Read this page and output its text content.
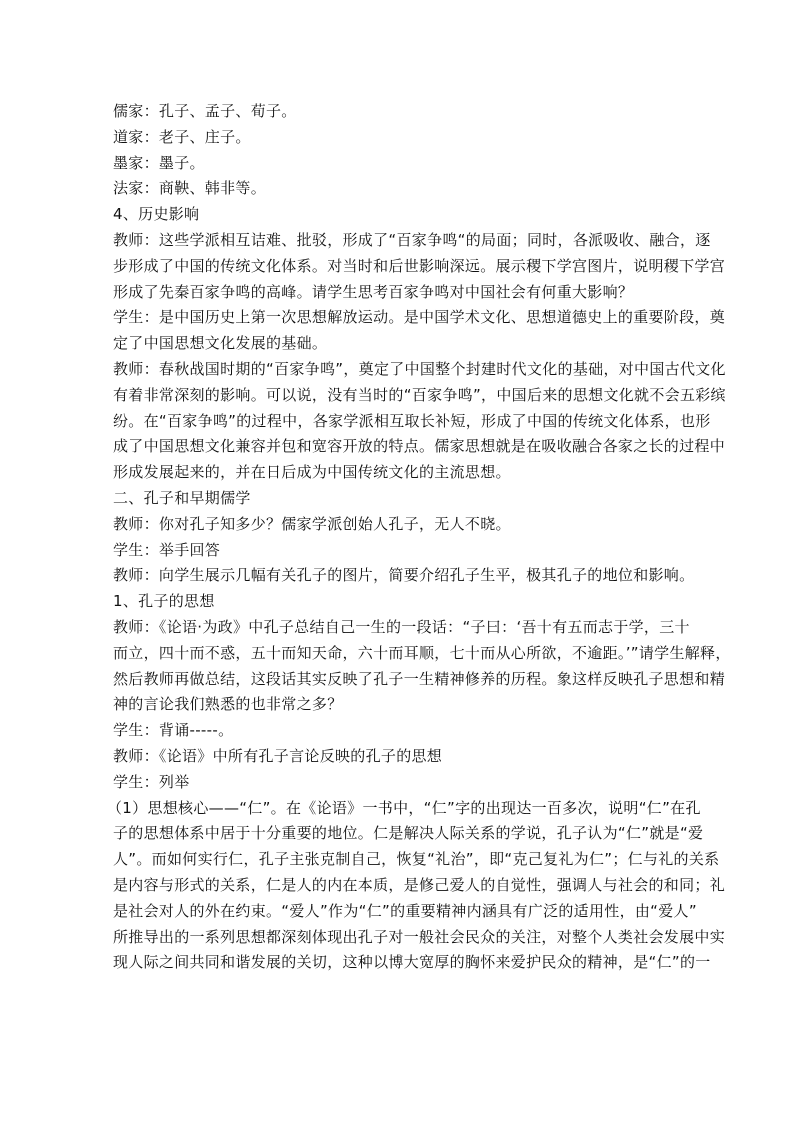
儒家：孔子、孟子、荀子。
道家：老子、庄子。
墨家：墨子。
法家：商鞅、韩非等。
4、历史影响
教师：这些学派相互诘难、批驳，形成了“百家争鸣“的局面；同时，各派吸收、融合，逐
步形成了中国的传统文化体系。对当时和后世影响深远。展示稷下学宫图片，说明稷下学宫
形成了先秦百家争鸣的高峰。请学生思考百家争鸣对中国社会有何重大影响？
学生：是中国历史上第一次思想解放运动。是中国学术文化、思想道德史上的重要阶段，奠
定了中国思想文化发展的基础。
教师：春秋战国时期的“百家争鸣”，奠定了中国整个封建时代文化的基础，对中国古代文化
有着非常深刻的影响。可以说，没有当时的“百家争鸣”，中国后来的思想文化就不会五彩缤
纷。在“百家争鸣”的过程中，各家学派相互取长补短，形成了中国的传统文化体系，也形
成了中国思想文化兼容并包和宽容开放的特点。儒家思想就是在吸收融合各家之长的过程中
形成发展起来的，并在日后成为中国传统文化的主流思想。
二、孔子和早期儒学
教师：你对孔子知多少？儒家学派创始人孔子，无人不晓。
学生：举手回答
教师：向学生展示几幅有关孔子的图片，简要介绍孔子生平，极其孔子的地位和影响。
1、孔子的思想
教师：《论语·为政》中孔子总结自己一生的一段话：“子曰：‘吾十有五而志于学，三十
而立，四十而不惑，五十而知天命，六十而耳顺，七十而从心所欲，不逾距。’”请学生解释，
然后教师再做总结，这段话其实反映了孔子一生精神修养的历程。象这样反映孔子思想和精
神的言论我们熟悉的也非常之多？
学生：背诵-----。
教师：《论语》中所有孔子言论反映的孔子的思想
学生：列举
（1）思想核心——“仁”。在《论语》一书中，“仁”字的出现达一百多次，说明“仁”在孔
子的思想体系中居于十分重要的地位。仁是解决人际关系的学说，孔子认为“仁”就是“爱
人”。而如何实行仁，孔子主张克制自己，恢复“礼治”，即“克己复礼为仁”；仁与礼的关系
是内容与形式的关系，仁是人的内在本质，是修己爱人的自觉性，强调人与社会的和同；礼
是社会对人的外在约束。“爱人”作为“仁”的重要精神内涵具有广泛的适用性，由“爱人”
所推导出的一系列思想都深刻体现出孔子对一般社会民众的关注，对整个人类社会发展中实
现人际之间共同和谐发展的关切，这种以博大宽厚的胸怀来爱护民众的精神，是“仁”的一
